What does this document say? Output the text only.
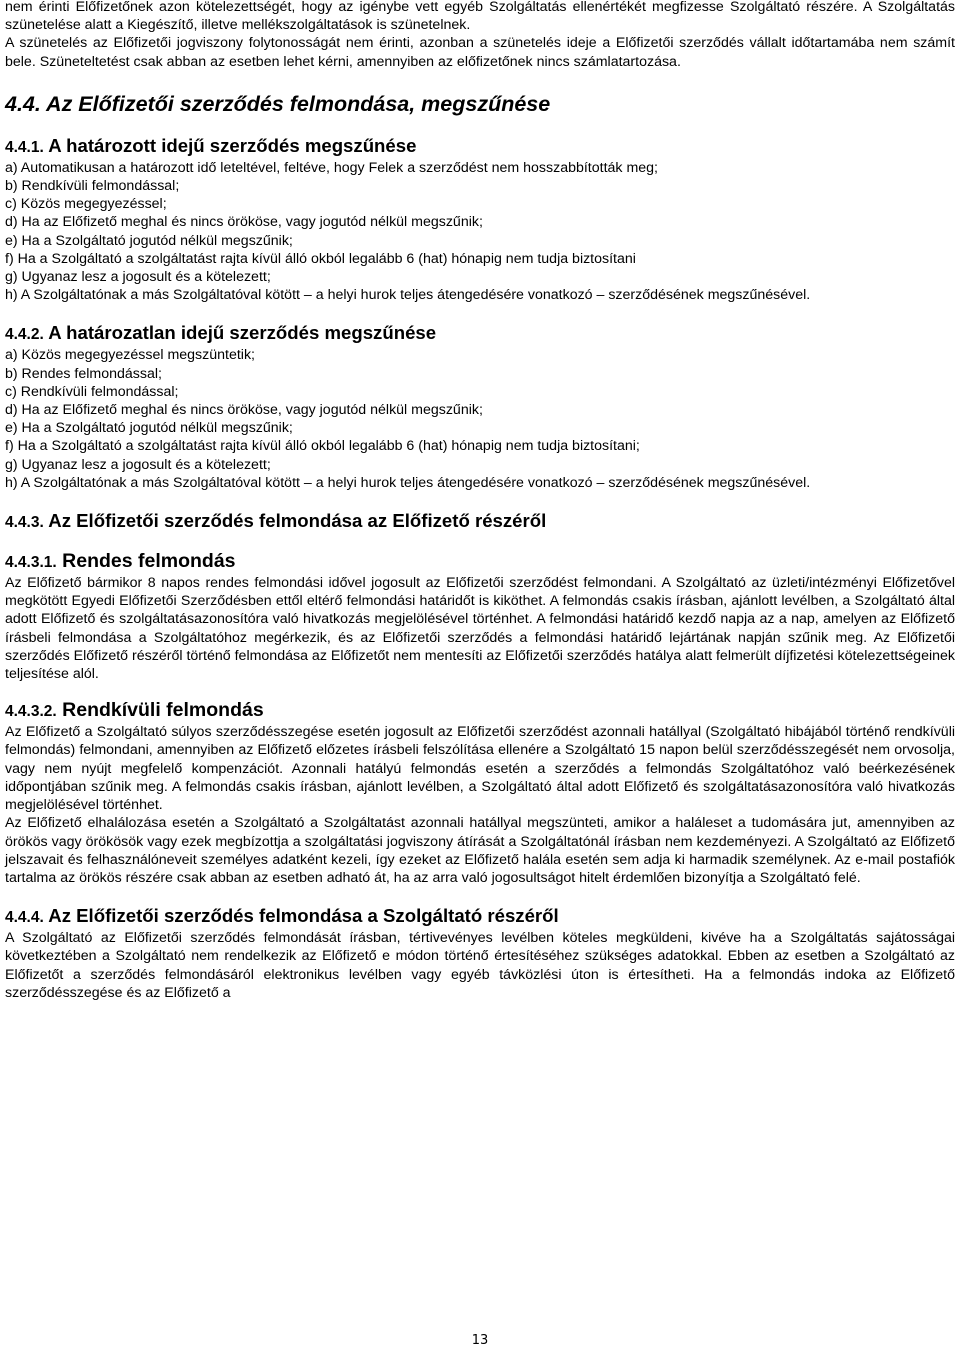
nem érinti Előfizetőnek azon kötelezettségét, hogy az igénybe vett egyéb Szolgáltatás ellenértékét megfizesse Szolgáltató részére. A Szolgáltatás szünetelése alatt a Kiegészítő, illetve mellékszolgáltatások is szünetelnek.

A szünetelés az Előfizetői jogviszony folytonosságát nem érinti, azonban a szünetelés ideje a Előfizetői szerződés vállalt időtartamába nem számít bele. Szüneteltetést csak abban az esetben lehet kérni, amennyiben az előfizetőnek nincs számlatartozása.

4.4. Az Előfizetői szerződés felmondása, megszűnése
4.4.1. A határozott idejű szerződés megszűnése
a) Automatikusan a határozott idő leteltével, feltéve, hogy Felek a szerződést nem hosszabbították meg;
b) Rendkívüli felmondással;
c) Közös megegyezéssel;
d) Ha az Előfizető meghal és nincs örököse, vagy jogutód nélkül megszűnik;
e) Ha a Szolgáltató jogutód nélkül megszűnik;
f) Ha a Szolgáltató a szolgáltatást rajta kívül álló okból legalább 6 (hat) hónapig nem tudja biztosítani
g) Ugyanaz lesz a jogosult és a kötelezett;
h) A Szolgáltatónak a más Szolgáltatóval kötött – a helyi hurok teljes átengedésére vonatkozó – szerződésének megszűnésével.
4.4.2. A határozatlan idejű szerződés megszűnése
a) Közös megegyezéssel megszüntetik;
b) Rendes felmondással;
c) Rendkívüli felmondással;
d) Ha az Előfizető meghal és nincs örököse, vagy jogutód nélkül megszűnik;
e) Ha a Szolgáltató jogutód nélkül megszűnik;
f) Ha a Szolgáltató a szolgáltatást rajta kívül álló okból legalább 6 (hat) hónapig nem tudja biztosítani;
g) Ugyanaz lesz a jogosult és a kötelezett;
h) A Szolgáltatónak a más Szolgáltatóval kötött – a helyi hurok teljes átengedésére vonatkozó – szerződésének megszűnésével.
4.4.3. Az Előfizetői szerződés felmondása az Előfizető részéről
4.4.3.1. Rendes felmondás

Az Előfizető bármikor 8 napos rendes felmondási idővel jogosult az Előfizetői szerződést felmondani. A Szolgáltató az üzleti/intézményi Előfizetővel megkötött Egyedi Előfizetői Szerződésben ettől eltérő felmondási határidőt is kiköthet. A felmondás csakis írásban, ajánlott levélben, a Szolgáltató által adott Előfizető és szolgáltatásazonosítóra való hivatkozás megjelölésével történhet. A felmondási határidő kezdő napja az a nap, amelyen az Előfizető írásbeli felmondása a Szolgáltatóhoz megérkezik, és az Előfizetői szerződés a felmondási határidő lejártának napján szűnik meg. Az Előfizetői szerződés Előfizető részéről történő felmondása az Előfizetőt nem mentesíti az Előfizetői szerződés hatálya alatt felmerült díjfizetési kötelezettségeinek teljesítése alól.

4.4.3.2. Rendkívüli felmondás

Az Előfizető a Szolgáltató súlyos szerződésszegése esetén jogosult az Előfizetői szerződést azonnali hatállyal (Szolgáltató hibájából történő rendkívüli felmondás) felmondani, amennyiben az Előfizető előzetes írásbeli felszólítása ellenére a Szolgáltató 15 napon belül szerződésszegését nem orvosolja, vagy nem nyújt megfelelő kompenzációt. Azonnali hatályú felmondás esetén a szerződés a felmondás Szolgáltatóhoz való beérkezésének időpontjában szűnik meg. A felmondás csakis írásban, ajánlott levélben, a Szolgáltató által adott Előfizető és szolgáltatásazonosítóra való hivatkozás megjelölésével történhet.

Az Előfizető elhalálozása esetén a Szolgáltató a Szolgáltatást azonnali hatállyal megszünteti, amikor a haláleset a tudomására jut, amennyiben az örökös vagy örökösök vagy ezek megbízottja a szolgáltatási jogviszony átírását a Szolgáltatónál írásban nem kezdeményezi. A Szolgáltató az Előfizető jelszavait és felhasználóneveit személyes adatként kezeli, így ezeket az Előfizető halála esetén sem adja ki harmadik személynek. Az e-mail postafiók tartalma az örökös részére csak abban az esetben adható át, ha az arra való jogosultságot hitelt érdemlően bizonyítja a Szolgáltató felé.

4.4.4. Az Előfizetői szerződés felmondása a Szolgáltató részéről

A Szolgáltató az Előfizetői szerződés felmondását írásban, tértivevényes levélben köteles megküldeni, kivéve ha a Szolgáltatás sajátosságai következtében a Szolgáltató nem rendelkezik az Előfizető e módon történő értesítéséhez szükséges adatokkal. Ebben az esetben a Szolgáltató az Előfizetőt a szerződés felmondásáról elektronikus levélben vagy egyéb távközlési úton is értesítheti. Ha a felmondás indoka az Előfizető szerződésszegése és az Előfizető a

13
